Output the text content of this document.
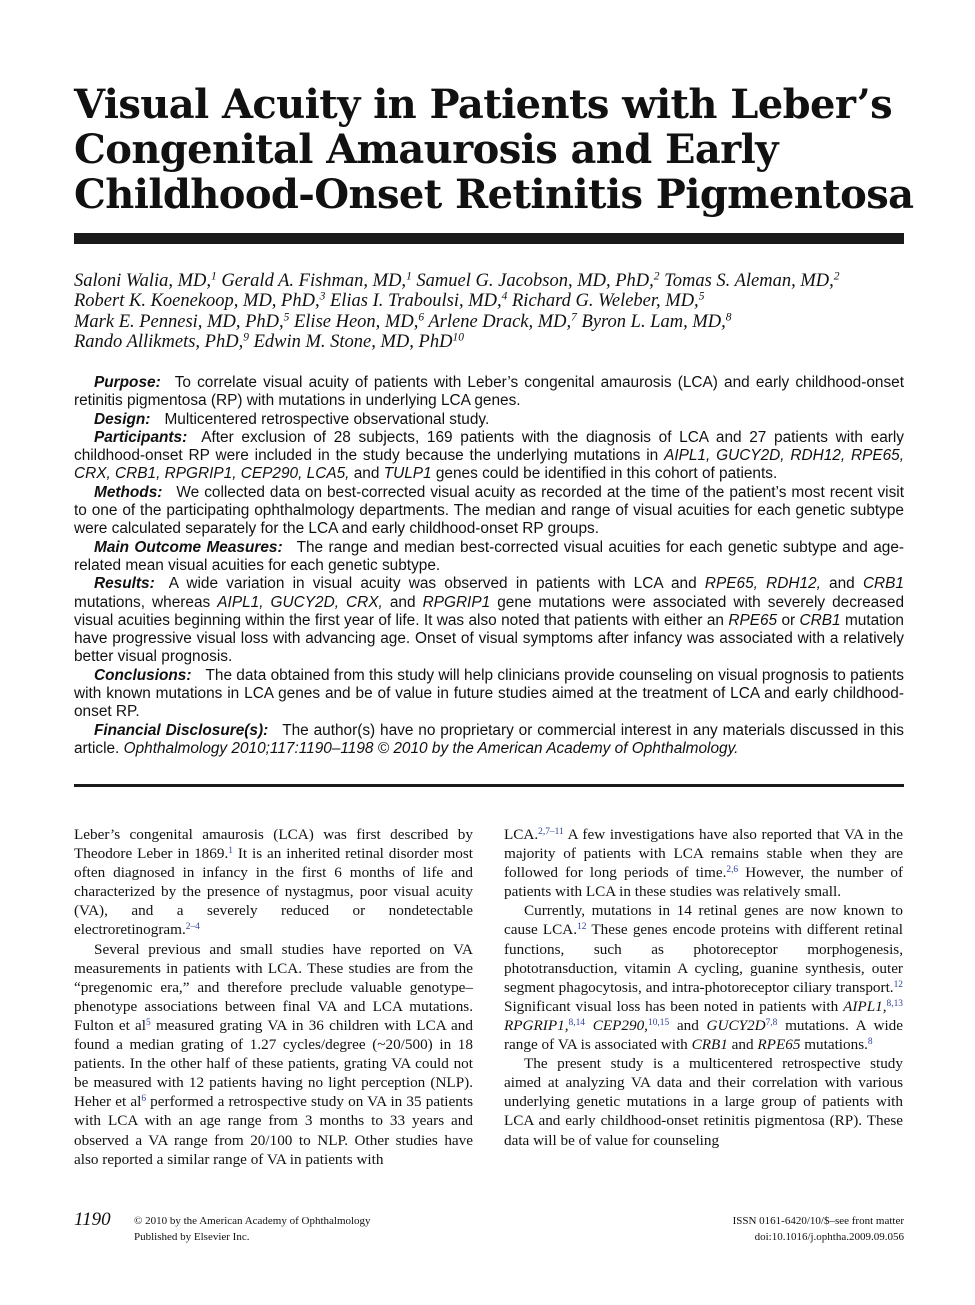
Visual Acuity in Patients with Leber’s
Congenital Amaurosis and Early
Childhood-Onset Retinitis Pigmentosa
Saloni Walia, MD,$^1$ Gerald A. Fishman, MD,$^1$ Samuel G. Jacobson, MD, PhD,$^2$ Tomas S. Aleman, MD,$^2$
Robert K. Koenekoop, MD, PhD,$^3$ Elias I. Traboulsi, MD,$^4$ Richard G. Weleber, MD,$^5$
Mark E. Pennesi, MD, PhD,$^5$ Elise Heon, MD,$^6$ Arlene Drack, MD,$^7$ Byron L. Lam, MD,$^8$
Rando Allikmets, PhD,$^9$ Edwin M. Stone, MD, PhD$^{10}$

Purpose: To correlate visual acuity of patients with Leber’s congenital amaurosis (LCA) and early childhood-onset retinitis pigmentosa (RP) with mutations in underlying LCA genes.

Design: Multicentered retrospective observational study.

Participants: After exclusion of 28 subjects, 169 patients with the diagnosis of LCA and 27 patients with early childhood-onset RP were included in the study because the underlying mutations in AIPL1, GUCY2D, RDH12, RPE65, CRX, CRB1, RPGRIP1, CEP290, LCA5, and TULP1 genes could be identified in this cohort of patients.

Methods: We collected data on best-corrected visual acuity as recorded at the time of the patient’s most recent visit to one of the participating ophthalmology departments. The median and range of visual acuities for each genetic subtype were calculated separately for the LCA and early childhood-onset RP groups.

Main Outcome Measures: The range and median best-corrected visual acuities for each genetic subtype and age-related mean visual acuities for each genetic subtype.

Results: A wide variation in visual acuity was observed in patients with LCA and RPE65, RDH12, and CRB1 mutations, whereas AIPL1, GUCY2D, CRX, and RPGRIP1 gene mutations were associated with severely decreased visual acuities beginning within the first year of life. It was also noted that patients with either an RPE65 or CRB1 mutation have progressive visual loss with advancing age. Onset of visual symptoms after infancy was associated with a relatively better visual prognosis.

Conclusions: The data obtained from this study will help clinicians provide counseling on visual prognosis to patients with known mutations in LCA genes and be of value in future studies aimed at the treatment of LCA and early childhood-onset RP.

Financial Disclosure(s): The author(s) have no proprietary or commercial interest in any materials discussed in this article. Ophthalmology 2010;117:1190–1198 © 2010 by the American Academy of Ophthalmology.

Leber’s congenital amaurosis (LCA) was first described by Theodore Leber in 1869.$^1$ It is an inherited retinal disorder most often diagnosed in infancy in the first 6 months of life and characterized by the presence of nystagmus, poor visual acuity (VA), and a severely reduced or nondetectable electroretinogram.$^{2-4}$

Several previous and small studies have reported on VA measurements in patients with LCA. These studies are from the “pregenomic era,” and therefore preclude valuable genotype–phenotype associations between final VA and LCA mutations. Fulton et $al^5$ measured grating VA in 36 children with LCA and found a median grating of 1.27 cycles/degree (~20/500) in 18 patients. In the other half of these patients, grating VA could not be measured with 12 patients having no light perception (NLP). Heher et $al^6$ performed a retrospective study on VA in 35 patients with LCA with an age range from 3 months to 33 years and observed a VA range from 20/100 to NLP. Other studies have also reported a similar range of VA in patients with

LCA.$^{2,7-11}$ A few investigations have also reported that VA in the majority of patients with LCA remains stable when they are followed for long periods of time.$^{2,6}$ However, the number of patients with LCA in these studies was relatively small.

Currently, mutations in 14 retinal genes are now known to cause LCA.$^{12}$ These genes encode proteins with different retinal functions, such as photoreceptor morphogenesis, phototransduction, vitamin A cycling, guanine synthesis, outer segment phagocytosis, and intra-photoreceptor ciliary transport.$^{12}$ Significant visual loss has been noted in patients with AIPL1,$^{8,13}$ RPGRIP1,$^{8,14}$ CEP290,$^{10,15}$ and $GUCY2D^{7,8}$ mutations. A wide range of VA is associated with CRB1 and RPE65 mutations.$^8$

The present study is a multicentered retrospective study aimed at analyzing VA data and their correlation with various underlying genetic mutations in a large group of patients with LCA and early childhood-onset retinitis pigmentosa (RP). These data will be of value for counseling

1190 © 2010 by the American Academy of Ophthalmology
Published by Elsevier Inc.
ISSN 0161-6420/10/$–see front matter
doi:10.1016/j.ophtha.2009.09.056
